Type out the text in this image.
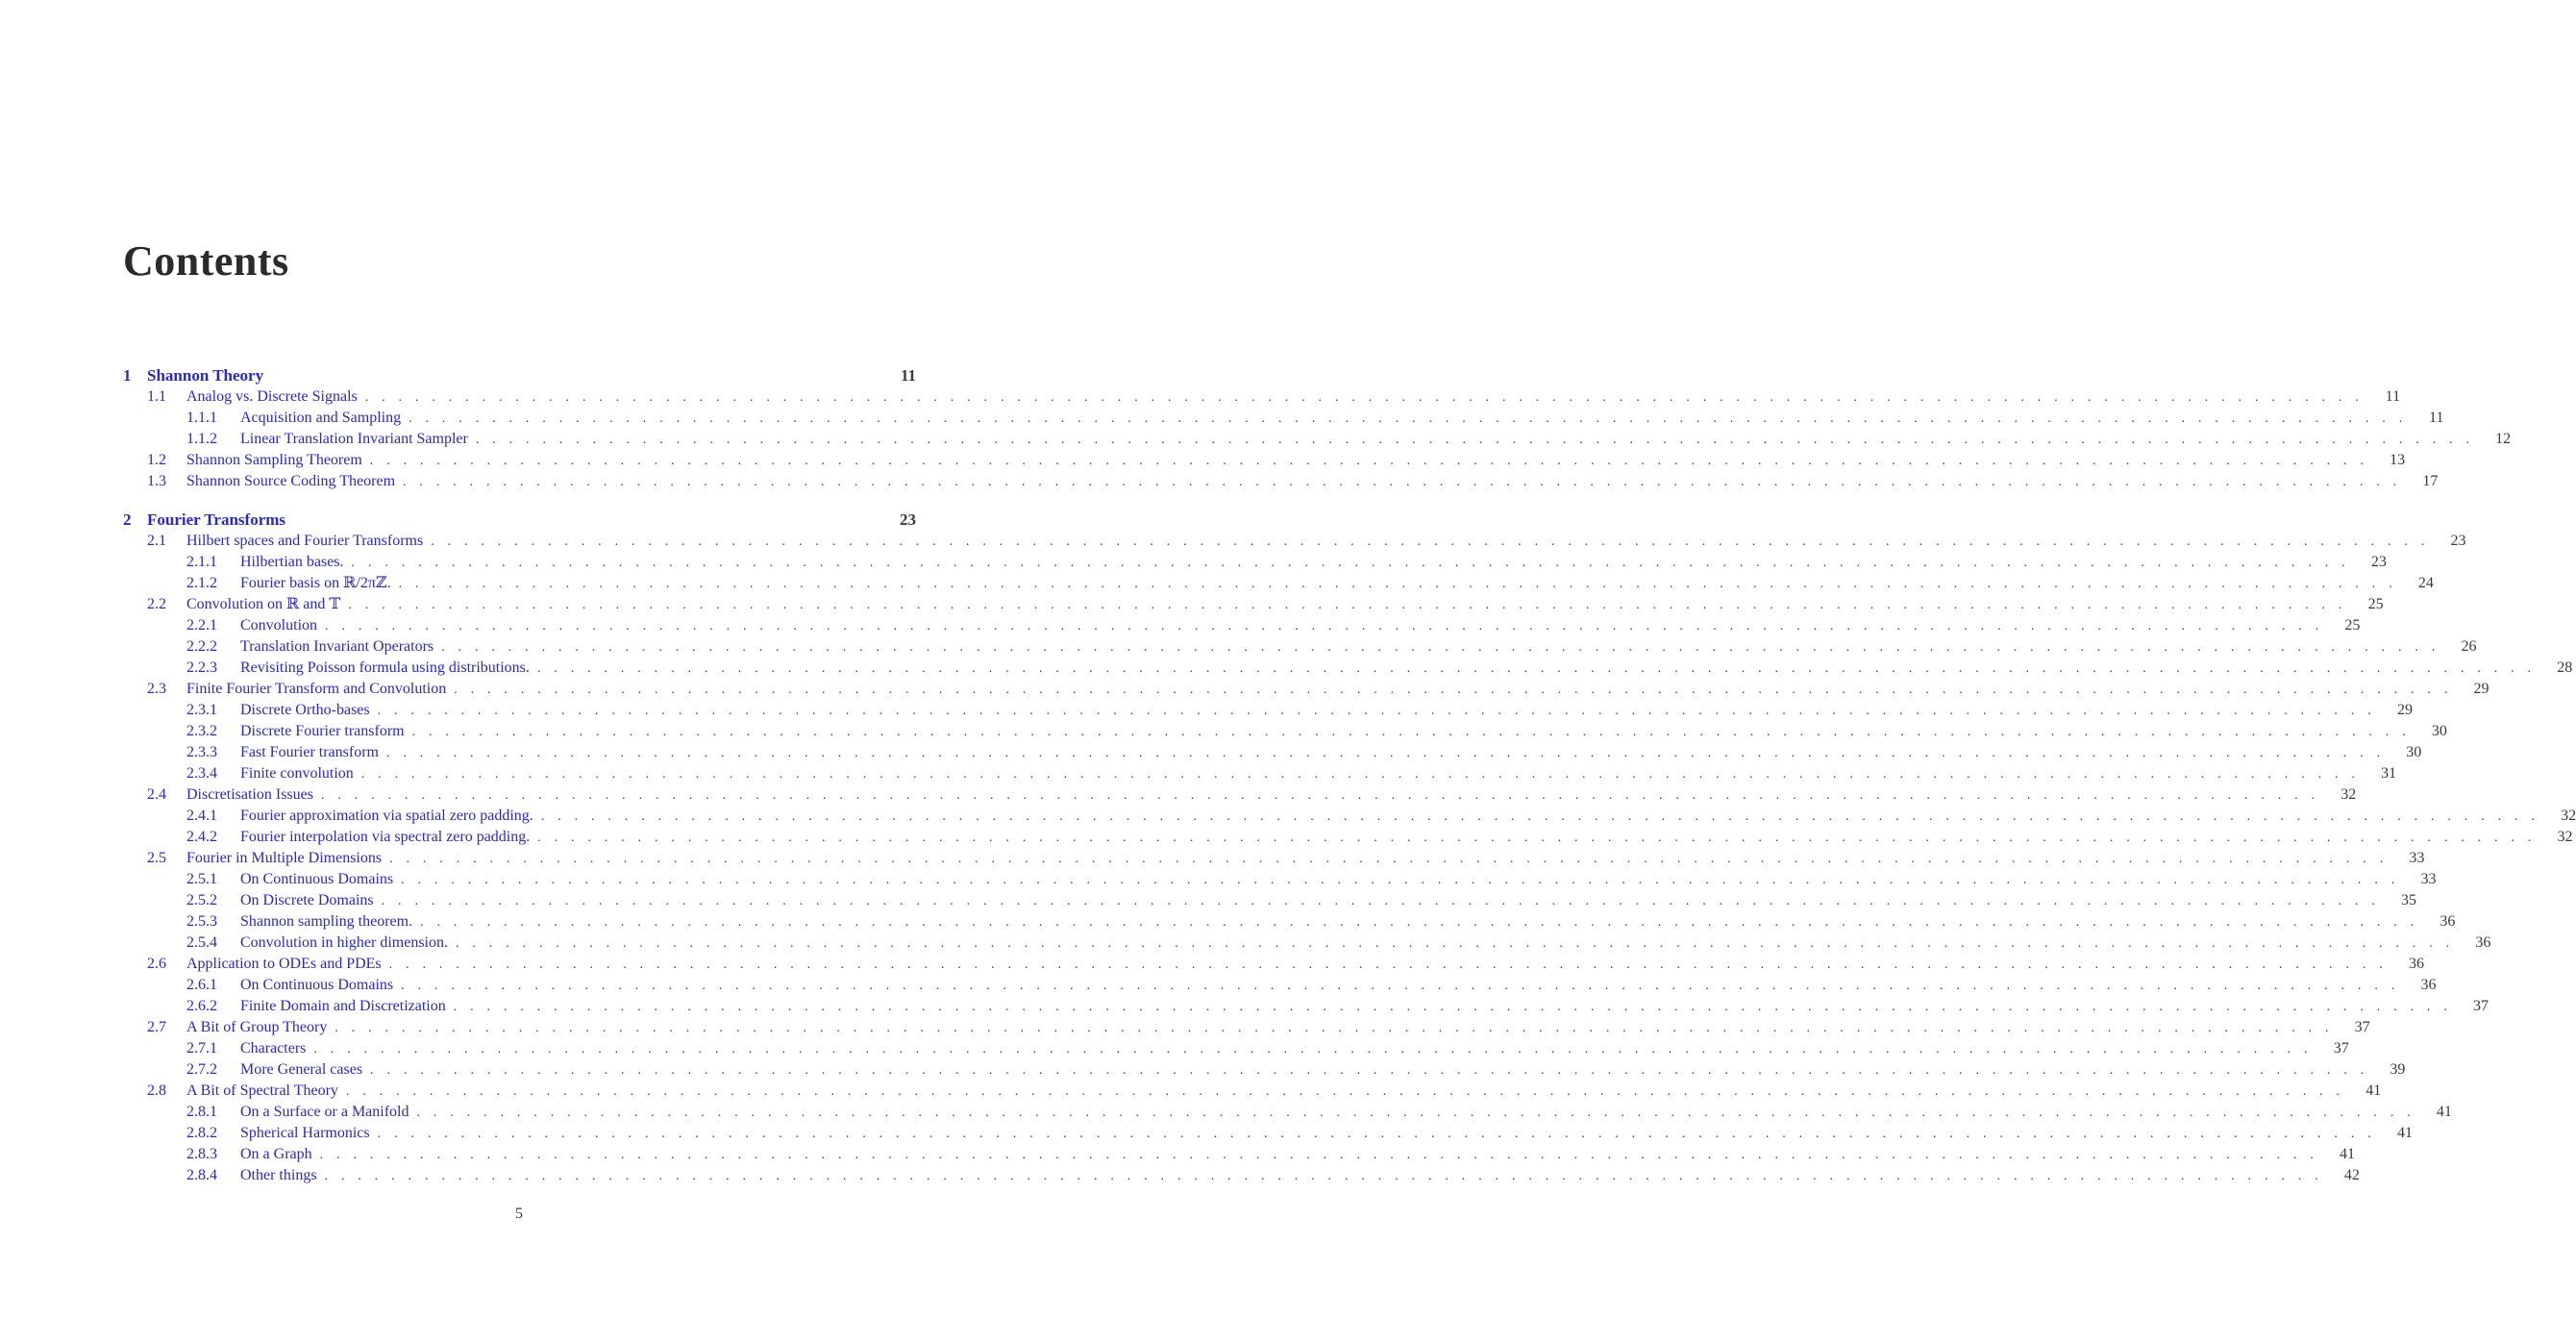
Contents
1 Shannon Theory	11
1.1	Analog vs. Discrete Signals . . . . . . . . . . . . . . . . . . . . . . . . . . . . . . . . . . . . . . . . . . . . . . . . . . . . . . . . . . . . . . . . . . . . . . . . . . . . . . . . . . . . . . . . . . . . . . . . . . . . . . . . . . . . . . . . . . . . . . . .	11
1.1.1	Acquisition and Sampling . . . . . . . . . . . . . . . . . . . . . . . . . . . . . . . . . . . . . . . . . . . . . . . . . . . . . . . . . . . . . . . . . . . . . . . . . . . . . . . . . . . . . . . . . . . . . . . . . . . . . . . . . . . . . . . . . . . . . . . .	11
1.1.2	Linear Translation Invariant Sampler . . . . . . . . . . . . . . . . . . . . . . . . . . . . . . . . . . . . . . . . . . . . . . . . . . . . . . . . . . . . . . . . . . . . . . . . . . . . . . . . . . . . . . . . . . . . . . . . . . . . . . . . . . . . . . . . . . . . . . . .	12
1.2	Shannon Sampling Theorem . . . . . . . . . . . . . . . . . . . . . . . . . . . . . . . . . . . . . . . . . . . . . . . . . . . . . . . . . . . . . . . . . . . . . . . . . . . . . . . . . . . . . . . . . . . . . . . . . . . . . . . . . . . . . . . . . . . . . . . .	13
1.3	Shannon Source Coding Theorem . . . . . . . . . . . . . . . . . . . . . . . . . . . . . . . . . . . . . . . . . . . . . . . . . . . . . . . . . . . . . . . . . . . . . . . . . . . . . . . . . . . . . . . . . . . . . . . . . . . . . . . . . . . . . . . . . . . . . . . .	17
2 Fourier Transforms	23
2.1	Hilbert spaces and Fourier Transforms . . . . . . . . . . . . . . . . . . . . . . . . . . . . . . . . . . . . . . . . . . . . . . . . . . . . . . . . . . . . . . . . . . . . . . . . . . . . . . . . . . . . . . . . . . . . . . . . . . . . . . . . . . . . . . . . . . . . . . . .	23
2.1.1	Hilbertian bases. . . . . . . . . . . . . . . . . . . . . . . . . . . . . . . . . . . . . . . . . . . . . . . . . . . . . . . . . . . . . . . . . . . . . . . . . . . . . . . . . . . . . . . . . . . . . . . . . . . . . . . . . . . . . . . . . . . . . . . . .	23
2.1.2	Fourier basis on ℝ/2πℤ. . . . . . . . . . . . . . . . . . . . . . . . . . . . . . . . . . . . . . . . . . . . . . . . . . . . . . . . . . . . . . . . . . . . . . . . . . . . . . . . . . . . . . . . . . . . . . . . . . . . . . . . . . . . . . . . . . . . . . . . .	24
2.2	Convolution on ℝ and 𝕋 . . . . . . . . . . . . . . . . . . . . . . . . . . . . . . . . . . . . . . . . . . . . . . . . . . . . . . . . . . . . . . . . . . . . . . . . . . . . . . . . . . . . . . . . . . . . . . . . . . . . . . . . . . . . . . . . . . . . . . . .	25
2.2.1	Convolution . . . . . . . . . . . . . . . . . . . . . . . . . . . . . . . . . . . . . . . . . . . . . . . . . . . . . . . . . . . . . . . . . . . . . . . . . . . . . . . . . . . . . . . . . . . . . . . . . . . . . . . . . . . . . . . . . . . . . . . .	25
2.2.2	Translation Invariant Operators . . . . . . . . . . . . . . . . . . . . . . . . . . . . . . . . . . . . . . . . . . . . . . . . . . . . . . . . . . . . . . . . . . . . . . . . . . . . . . . . . . . . . . . . . . . . . . . . . . . . . . . . . . . . . . . . . . . . . . . .	26
2.2.3	Revisiting Poisson formula using distributions. . . . . . . . . . . . . . . . . . . . . . . . . . . . . . . . . . . . . . . . . . . . . . . . . . . . . . . . . . . . . . . . . . . . . . . . . . . . . . . . . . . . . . . . . . . . . . . . . . . . . . . . . . . . . . . . . . . . . . . . .	28
2.3	Finite Fourier Transform and Convolution . . . . . . . . . . . . . . . . . . . . . . . . . . . . . . . . . . . . . . . . . . . . . . . . . . . . . . . . . . . . . . . . . . . . . . . . . . . . . . . . . . . . . . . . . . . . . . . . . . . . . . . . . . . . . . . . . . . . . . . .	29
2.3.1	Discrete Ortho-bases . . . . . . . . . . . . . . . . . . . . . . . . . . . . . . . . . . . . . . . . . . . . . . . . . . . . . . . . . . . . . . . . . . . . . . . . . . . . . . . . . . . . . . . . . . . . . . . . . . . . . . . . . . . . . . . . . . . . . . . .	29
2.3.2	Discrete Fourier transform . . . . . . . . . . . . . . . . . . . . . . . . . . . . . . . . . . . . . . . . . . . . . . . . . . . . . . . . . . . . . . . . . . . . . . . . . . . . . . . . . . . . . . . . . . . . . . . . . . . . . . . . . . . . . . . . . . . . . . . .	30
2.3.3	Fast Fourier transform . . . . . . . . . . . . . . . . . . . . . . . . . . . . . . . . . . . . . . . . . . . . . . . . . . . . . . . . . . . . . . . . . . . . . . . . . . . . . . . . . . . . . . . . . . . . . . . . . . . . . . . . . . . . . . . . . . . . . . . .	30
2.3.4	Finite convolution . . . . . . . . . . . . . . . . . . . . . . . . . . . . . . . . . . . . . . . . . . . . . . . . . . . . . . . . . . . . . . . . . . . . . . . . . . . . . . . . . . . . . . . . . . . . . . . . . . . . . . . . . . . . . . . . . . . . . . . .	31
2.4	Discretisation Issues . . . . . . . . . . . . . . . . . . . . . . . . . . . . . . . . . . . . . . . . . . . . . . . . . . . . . . . . . . . . . . . . . . . . . . . . . . . . . . . . . . . . . . . . . . . . . . . . . . . . . . . . . . . . . . . . . . . . . . . .	32
2.4.1	Fourier approximation via spatial zero padding. . . . . . . . . . . . . . . . . . . . . . . . . . . . . . . . . . . . . . . . . . . . . . . . . . . . . . . . . . . . . . . . . . . . . . . . . . . . . . . . . . . . . . . . . . . . . . . . . . . . . . . . . . . . . . . . . . . . . . . . .	32
2.4.2	Fourier interpolation via spectral zero padding. . . . . . . . . . . . . . . . . . . . . . . . . . . . . . . . . . . . . . . . . . . . . . . . . . . . . . . . . . . . . . . . . . . . . . . . . . . . . . . . . . . . . . . . . . . . . . . . . . . . . . . . . . . . . . . . . . . . . . . . .	32
2.5	Fourier in Multiple Dimensions . . . . . . . . . . . . . . . . . . . . . . . . . . . . . . . . . . . . . . . . . . . . . . . . . . . . . . . . . . . . . . . . . . . . . . . . . . . . . . . . . . . . . . . . . . . . . . . . . . . . . . . . . . . . . . . . . . . . . . . .	33
2.5.1	On Continuous Domains . . . . . . . . . . . . . . . . . . . . . . . . . . . . . . . . . . . . . . . . . . . . . . . . . . . . . . . . . . . . . . . . . . . . . . . . . . . . . . . . . . . . . . . . . . . . . . . . . . . . . . . . . . . . . . . . . . . . . . . .	33
2.5.2	On Discrete Domains . . . . . . . . . . . . . . . . . . . . . . . . . . . . . . . . . . . . . . . . . . . . . . . . . . . . . . . . . . . . . . . . . . . . . . . . . . . . . . . . . . . . . . . . . . . . . . . . . . . . . . . . . . . . . . . . . . . . . . . .	35
2.5.3	Shannon sampling theorem. . . . . . . . . . . . . . . . . . . . . . . . . . . . . . . . . . . . . . . . . . . . . . . . . . . . . . . . . . . . . . . . . . . . . . . . . . . . . . . . . . . . . . . . . . . . . . . . . . . . . . . . . . . . . . . . . . . . . . . . .	36
2.5.4	Convolution in higher dimension. . . . . . . . . . . . . . . . . . . . . . . . . . . . . . . . . . . . . . . . . . . . . . . . . . . . . . . . . . . . . . . . . . . . . . . . . . . . . . . . . . . . . . . . . . . . . . . . . . . . . . . . . . . . . . . . . . . . . . . . .	36
2.6	Application to ODEs and PDEs . . . . . . . . . . . . . . . . . . . . . . . . . . . . . . . . . . . . . . . . . . . . . . . . . . . . . . . . . . . . . . . . . . . . . . . . . . . . . . . . . . . . . . . . . . . . . . . . . . . . . . . . . . . . . . . . . . . . . . . .	36
2.6.1	On Continuous Domains . . . . . . . . . . . . . . . . . . . . . . . . . . . . . . . . . . . . . . . . . . . . . . . . . . . . . . . . . . . . . . . . . . . . . . . . . . . . . . . . . . . . . . . . . . . . . . . . . . . . . . . . . . . . . . . . . . . . . . . .	36
2.6.2	Finite Domain and Discretization . . . . . . . . . . . . . . . . . . . . . . . . . . . . . . . . . . . . . . . . . . . . . . . . . . . . . . . . . . . . . . . . . . . . . . . . . . . . . . . . . . . . . . . . . . . . . . . . . . . . . . . . . . . . . . . . . . . . . . . .	37
2.7	A Bit of Group Theory . . . . . . . . . . . . . . . . . . . . . . . . . . . . . . . . . . . . . . . . . . . . . . . . . . . . . . . . . . . . . . . . . . . . . . . . . . . . . . . . . . . . . . . . . . . . . . . . . . . . . . . . . . . . . . . . . . . . . . . .	37
2.7.1	Characters . . . . . . . . . . . . . . . . . . . . . . . . . . . . . . . . . . . . . . . . . . . . . . . . . . . . . . . . . . . . . . . . . . . . . . . . . . . . . . . . . . . . . . . . . . . . . . . . . . . . . . . . . . . . . . . . . . . . . . . .	37
2.7.2	More General cases . . . . . . . . . . . . . . . . . . . . . . . . . . . . . . . . . . . . . . . . . . . . . . . . . . . . . . . . . . . . . . . . . . . . . . . . . . . . . . . . . . . . . . . . . . . . . . . . . . . . . . . . . . . . . . . . . . . . . . . .	39
2.8	A Bit of Spectral Theory . . . . . . . . . . . . . . . . . . . . . . . . . . . . . . . . . . . . . . . . . . . . . . . . . . . . . . . . . . . . . . . . . . . . . . . . . . . . . . . . . . . . . . . . . . . . . . . . . . . . . . . . . . . . . . . . . . . . . . . .	41
2.8.1	On a Surface or a Manifold . . . . . . . . . . . . . . . . . . . . . . . . . . . . . . . . . . . . . . . . . . . . . . . . . . . . . . . . . . . . . . . . . . . . . . . . . . . . . . . . . . . . . . . . . . . . . . . . . . . . . . . . . . . . . . . . . . . . . . . .	41
2.8.2	Spherical Harmonics . . . . . . . . . . . . . . . . . . . . . . . . . . . . . . . . . . . . . . . . . . . . . . . . . . . . . . . . . . . . . . . . . . . . . . . . . . . . . . . . . . . . . . . . . . . . . . . . . . . . . . . . . . . . . . . . . . . . . . . .	41
2.8.3	On a Graph . . . . . . . . . . . . . . . . . . . . . . . . . . . . . . . . . . . . . . . . . . . . . . . . . . . . . . . . . . . . . . . . . . . . . . . . . . . . . . . . . . . . . . . . . . . . . . . . . . . . . . . . . . . . . . . . . . . . . . . .	41
2.8.4	Other things . . . . . . . . . . . . . . . . . . . . . . . . . . . . . . . . . . . . . . . . . . . . . . . . . . . . . . . . . . . . . . . . . . . . . . . . . . . . . . . . . . . . . . . . . . . . . . . . . . . . . . . . . . . . . . . . . . . . . . . .	42
5
